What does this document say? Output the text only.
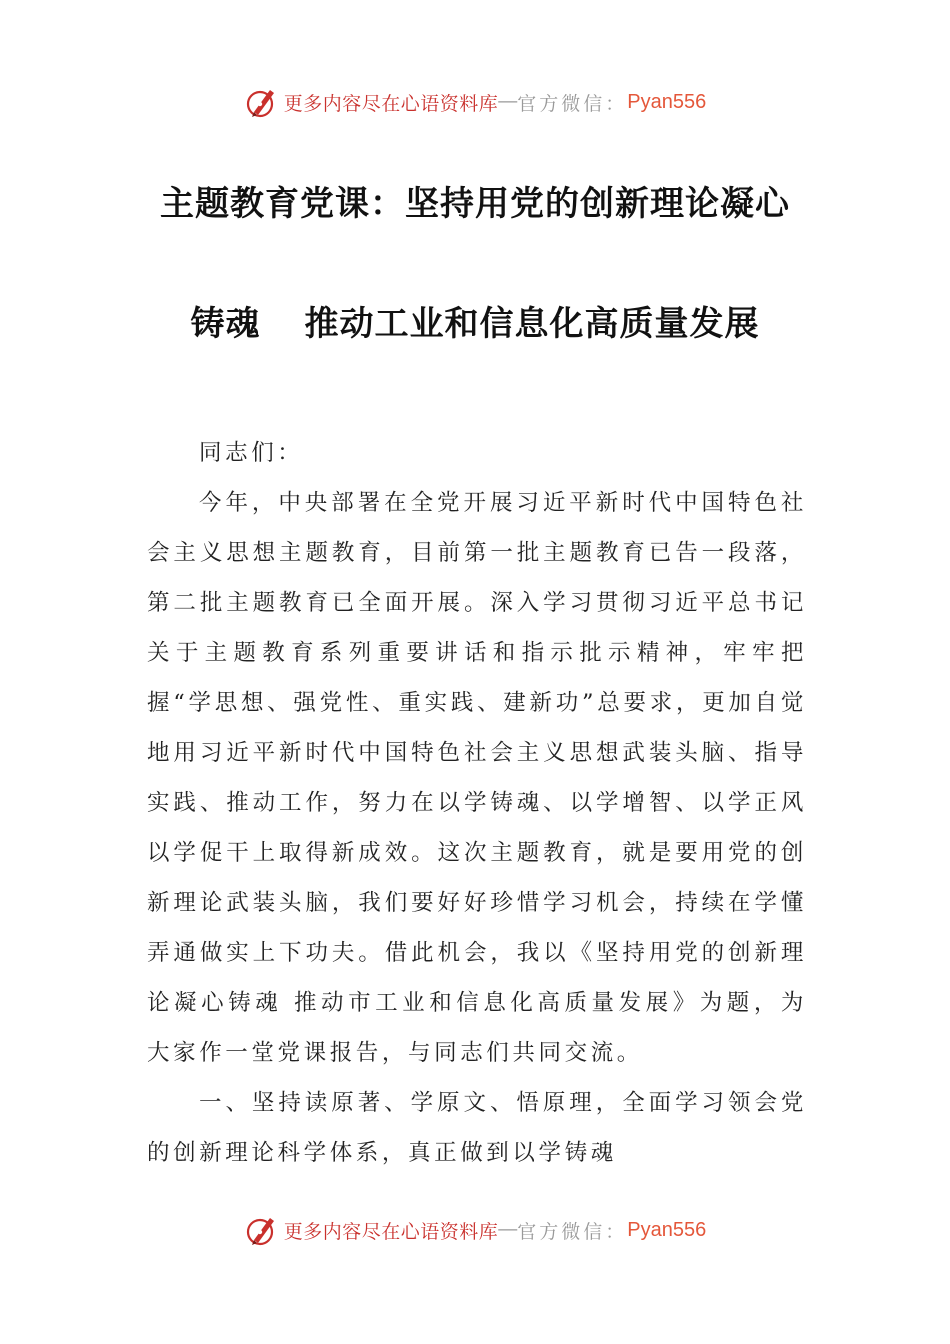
更多内容尽在心语资料库 — 官方微信： Pyan556
主题教育党课：坚持用党的创新理论凝心
铸魂 推动工业和信息化高质量发展

同志们：

今年，中央部署在全党开展习近平新时代中国特色社会主义思想主题教育，目前第一批主题教育已告一段落，第二批主题教育已全面开展。深入学习贯彻习近平总书记关于主题教育系列重要讲话和指示批示精神，牢牢把握“学思想、强党性、重实践、建新功”总要求，更加自觉地用习近平新时代中国特色社会主义思想武装头脑、指导实践、推动工作，努力在以学铸魂、以学增智、以学正风以学促干上取得新成效。这次主题教育，就是要用党的创新理论武装头脑，我们要好好珍惜学习机会，持续在学懂弄通做实上下功夫。借此机会，我以《坚持用党的创新理论凝心铸魂 推动市工业和信息化高质量发展》为题，为大家作一堂党课报告，与同志们共同交流。

一、坚持读原著、学原文、悟原理，全面学习领会党的创新理论科学体系，真正做到以学铸魂

更多内容尽在心语资料库 — 官方微信： Pyan556
